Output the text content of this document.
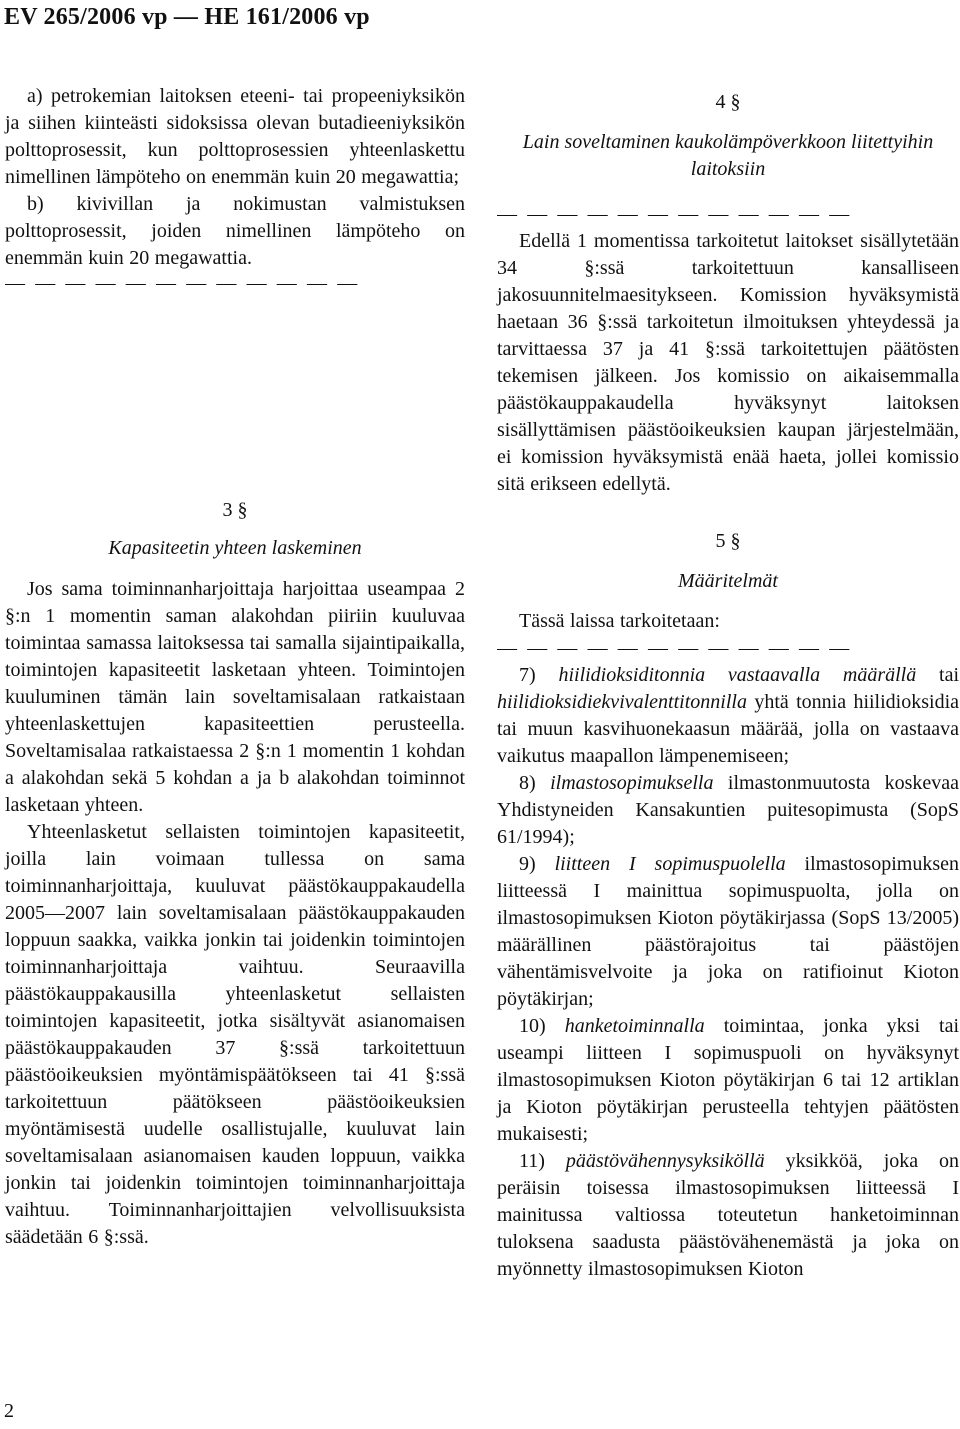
EV 265/2006 vp — HE 161/2006 vp

a) petrokemian laitoksen eteeni- tai propeeniyksikön ja siihen kiinteästi sidoksissa olevan butadieeniyksikön polttoprosessit, kun polttoprosessien yhteenlaskettu nimellinen lämpöteho on enemmän kuin 20 megawattia;

b) kivivillan ja nokimustan valmistuksen polttoprosessit, joiden nimellinen lämpöteho on enemmän kuin 20 megawattia.

— — — — — — — — — — — —
3 §
Kapasiteetin yhteen laskeminen

Jos sama toiminnanharjoittaja harjoittaa useampaa 2 §:n 1 momentin saman alakohdan piiriin kuuluvaa toimintaa samassa laitoksessa tai samalla sijaintipaikalla, toimintojen kapasiteetit lasketaan yhteen. Toimintojen kuuluminen tämän lain soveltamisalaan ratkaistaan yhteenlaskettujen kapasiteettien perusteella. Soveltamisalaa ratkaistaessa 2 §:n 1 momentin 1 kohdan a alakohdan sekä 5 kohdan a ja b alakohdan toiminnot lasketaan yhteen.

Yhteenlasketut sellaisten toimintojen kapasiteetit, joilla lain voimaan tullessa on sama toiminnanharjoittaja, kuuluvat päästökauppakaudella 2005—2007 lain soveltamisalaan päästökauppakauden loppuun saakka, vaikka jonkin tai joidenkin toimintojen toiminnanharjoittaja vaihtuu. Seuraavilla päästökauppakausilla yhteenlasketut sellaisten toimintojen kapasiteetit, jotka sisältyvät asianomaisen päästökauppakauden 37 §:ssä tarkoitettuun päästöoikeuksien myöntämispäätökseen tai 41 §:ssä tarkoitettuun päätökseen päästöoikeuksien myöntämisestä uudelle osallistujalle, kuuluvat lain soveltamisalaan asianomaisen kauden loppuun, vaikka jonkin tai joidenkin toimintojen toiminnanharjoittaja vaihtuu. Toiminnanharjoittajien velvollisuuksista säädetään 6 §:ssä.

4 §
Lain soveltaminen kaukolämpöverkkoon liitettyihin laitoksiin
— — — — — — — — — — — —

Edellä 1 momentissa tarkoitetut laitokset sisällytetään 34 §:ssä tarkoitettuun kansalliseen jakosuunnitelmaesitykseen. Komission hyväksymistä haetaan 36 §:ssä tarkoitetun ilmoituksen yhteydessä ja tarvittaessa 37 ja 41 §:ssä tarkoitettujen päätösten tekemisen jälkeen. Jos komissio on aikaisemmalla päästökauppakaudella hyväksynyt laitoksen sisällyttämisen päästöoikeuksien kaupan järjestelmään, ei komission hyväksymistä enää haeta, jollei komissio sitä erikseen edellytä.

5 §
Määritelmät

Tässä laissa tarkoitetaan:

— — — — — — — — — — — —

7) hiilidioksiditonnia vastaavalla määrällä tai hiilidioksidiekvivalenttitonnilla yhtä tonnia hiilidioksidia tai muun kasvihuonekaasun määrää, jolla on vastaava vaikutus maapallon lämpenemiseen;

8) ilmastosopimuksella ilmastonmuutosta koskevaa Yhdistyneiden Kansakuntien puitesopimusta (SopS 61/1994);

9) liitteen I sopimuspuolella ilmastosopimuksen liitteessä I mainittua sopimuspuolta, jolla on ilmastosopimuksen Kioton pöytäkirjassa (SopS 13/2005) määrällinen päästörajoitus tai päästöjen vähentämisvelvoite ja joka on ratifioinut Kioton pöytäkirjan;

10) hanketoiminnalla toimintaa, jonka yksi tai useampi liitteen I sopimuspuoli on hyväksynyt ilmastosopimuksen Kioton pöytäkirjan 6 tai 12 artiklan ja Kioton pöytäkirjan perusteella tehtyjen päätösten mukaisesti;

11) päästövähennysyksiköllä yksikköä, joka on peräisin toisessa ilmastosopimuksen liitteessä I mainitussa valtiossa toteutetun hanketoiminnan tuloksena saadusta päästövähenemästä ja joka on myönnetty ilmastosopimuksen Kioton

2
